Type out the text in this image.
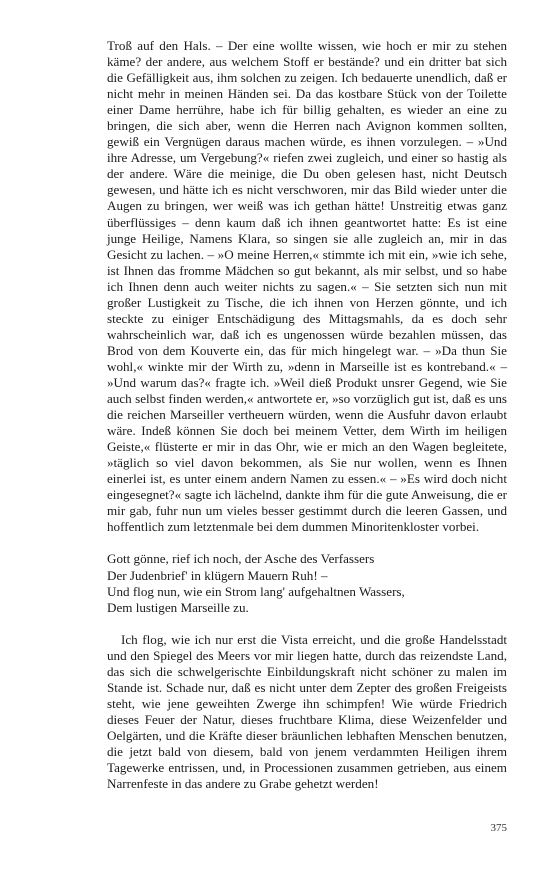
Troß auf den Hals. – Der eine wollte wissen, wie hoch er mir zu stehen käme? der andere, aus welchem Stoff er bestände? und ein dritter bat sich die Gefälligkeit aus, ihm solchen zu zeigen. Ich bedauerte unendlich, daß er nicht mehr in meinen Händen sei. Da das kostbare Stück von der Toilette einer Dame herrühre, habe ich für billig gehalten, es wieder an eine zu bringen, die sich aber, wenn die Herren nach Avignon kommen sollten, gewiß ein Vergnügen daraus machen würde, es ihnen vorzulegen. – »Und ihre Adresse, um Vergebung?« riefen zwei zugleich, und einer so hastig als der andere. Wäre die meinige, die Du oben gelesen hast, nicht Deutsch gewesen, und hätte ich es nicht verschworen, mir das Bild wieder unter die Augen zu bringen, wer weiß was ich gethan hätte! Unstreitig etwas ganz überflüssiges – denn kaum daß ich ihnen geantwortet hatte: Es ist eine junge Heilige, Namens Klara, so singen sie alle zugleich an, mir in das Gesicht zu lachen. – »O meine Herren,« stimmte ich mit ein, »wie ich sehe, ist Ihnen das fromme Mädchen so gut bekannt, als mir selbst, und so habe ich Ihnen denn auch weiter nichts zu sagen.« – Sie setzten sich nun mit großer Lustigkeit zu Tische, die ich ihnen von Herzen gönnte, und ich steckte zu einiger Entschädigung des Mittagsmahls, da es doch sehr wahrscheinlich war, daß ich es ungenossen würde bezahlen müssen, das Brod von dem Kouverte ein, das für mich hingelegt war. – »Da thun Sie wohl,« winkte mir der Wirth zu, »denn in Marseille ist es kontreband.« – »Und warum das?« fragte ich. »Weil dieß Produkt unsrer Gegend, wie Sie auch selbst finden werden,« antwortete er, »so vorzüglich gut ist, daß es uns die reichen Marseiller vertheuern würden, wenn die Ausfuhr davon erlaubt wäre. Indeß können Sie doch bei meinem Vetter, dem Wirth im heiligen Geiste,« flüsterte er mir in das Ohr, wie er mich an den Wagen begleitete, »täglich so viel davon bekommen, als Sie nur wollen, wenn es Ihnen einerlei ist, es unter einem andern Namen zu essen.« – »Es wird doch nicht eingesegnet?« sagte ich lächelnd, dankte ihm für die gute Anweisung, die er mir gab, fuhr nun um vieles besser gestimmt durch die leeren Gassen, und hoffentlich zum letztenmale bei dem dummen Minoritenkloster vorbei.

Gott gönne, rief ich noch, der Asche des Verfassers
Der Judenbrief' in klügern Mauern Ruh! –
Und flog nun, wie ein Strom lang' aufgehaltnen Wassers,
Dem lustigen Marseille zu.

Ich flog, wie ich nur erst die Vista erreicht, und die große Handelsstadt und den Spiegel des Meers vor mir liegen hatte, durch das reizendste Land, das sich die schwelgerischte Einbildungskraft nicht schöner zu malen im Stande ist. Schade nur, daß es nicht unter dem Zepter des großen Freigeists steht, wie jene geweihten Zwerge ihn schimpfen! Wie würde Friedrich dieses Feuer der Natur, dieses fruchtbare Klima, diese Weizenfelder und Oelgärten, und die Kräfte dieser bräunlichen lebhaften Menschen benutzen, die jetzt bald von diesem, bald von jenem verdammten Heiligen ihrem Tagewerke entrissen, und, in Processionen zusammen getrieben, aus einem Narrenfeste in das andere zu Grabe gehetzt werden!

375
